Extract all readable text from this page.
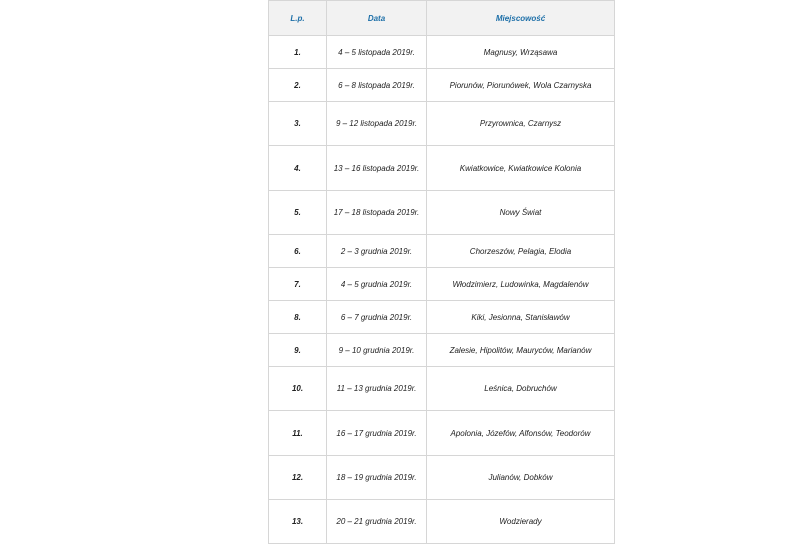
L.p.	Data	Miejscowość
1.	4 – 5 listopada 2019r.	Magnusy, Wrząsawa
2.	6 – 8 listopada 2019r.	Piorunów, Piorunówek, Wola Czarnyska
3.	9 – 12 listopada 2019r.	Przyrownica, Czarnysz
4.	13 – 16 listopada 2019r.	Kwiatkowice, Kwiatkowice Kolonia
5.	17 – 18 listopada 2019r.	Nowy Świat
6.	2 – 3 grudnia 2019r.	Chorzeszów, Pelagia, Elodia
7.	4 – 5 grudnia 2019r.	Włodzimierz, Ludowinka, Magdalenów
8.	6 – 7 grudnia 2019r.	Kiki, Jesionna, Stanisławów
9.	9 – 10 grudnia 2019r.	Zalesie, Hipolitów, Mauryców, Marianów
10.	11 – 13 grudnia 2019r.	Leśnica, Dobruchów
11.	16 – 17 grudnia 2019r.	Apolonia, Józefów, Alfonsów, Teodorów
12.	18 – 19 grudnia 2019r.	Julianów, Dobków
13.	20 – 21 grudnia 2019r.	Wodzierady
